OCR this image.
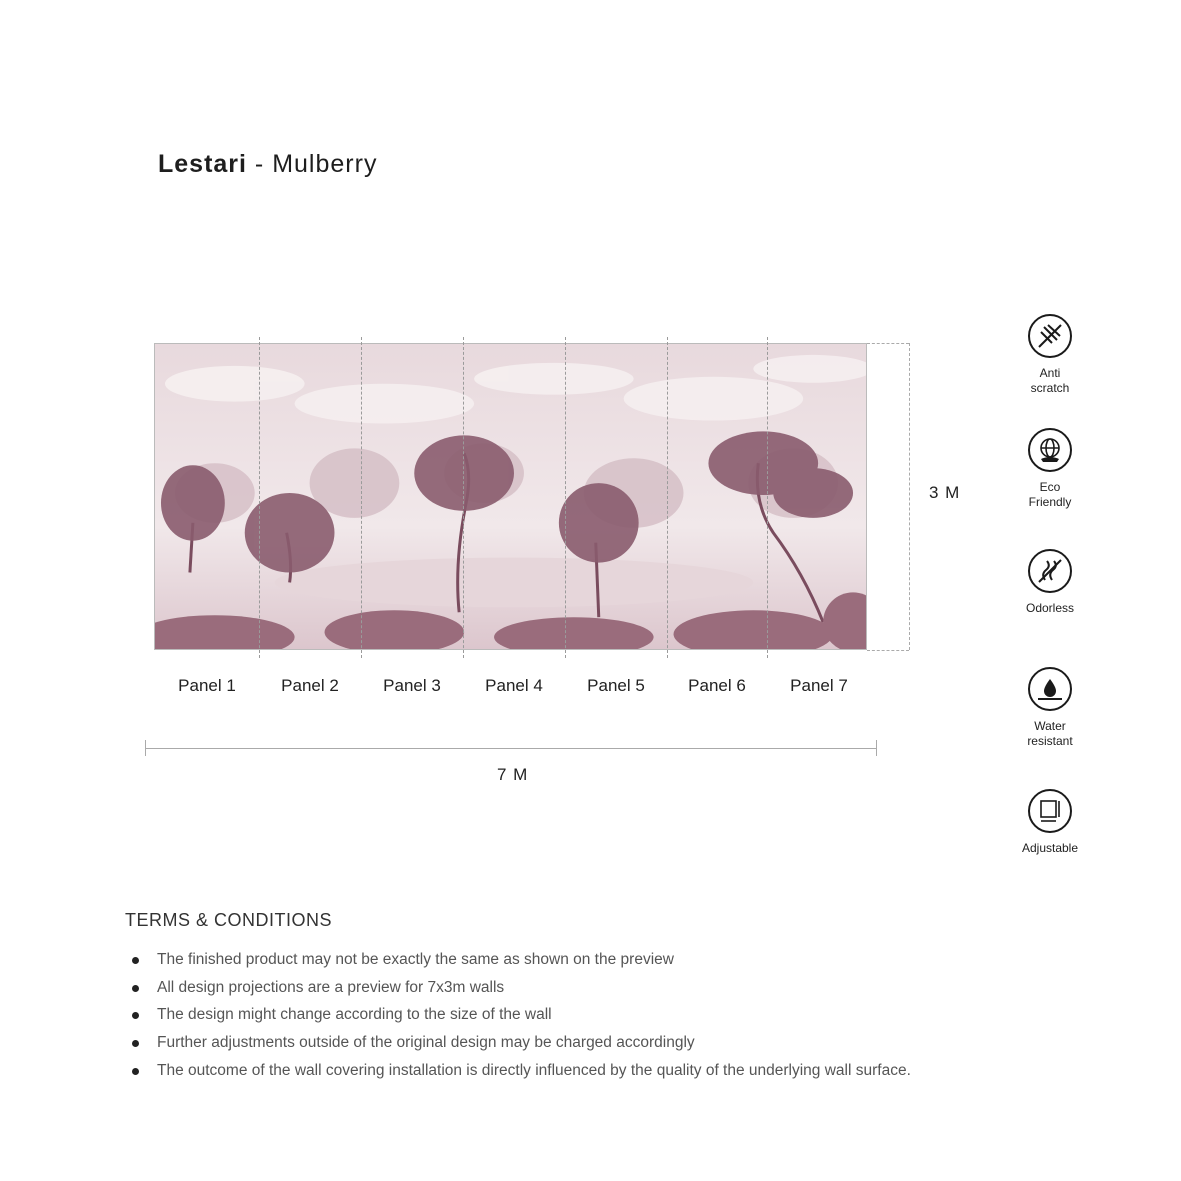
Lestari - Mulberry
3 M
Panel 1	Panel 2	Panel 3	Panel 4	Panel 5	Panel 6	Panel 7
7 M
Anti
scratch
Eco
Friendly
Odorless
Water
resistant
Adjustable
TERMS & CONDITIONS
The finished product may not be exactly the same as shown on the preview
All design projections are a preview for 7x3m walls
The design might change according to the size of the wall
Further adjustments outside of the original design may be charged accordingly
The outcome of the wall covering installation is directly influenced by the quality of the underlying wall surface.
